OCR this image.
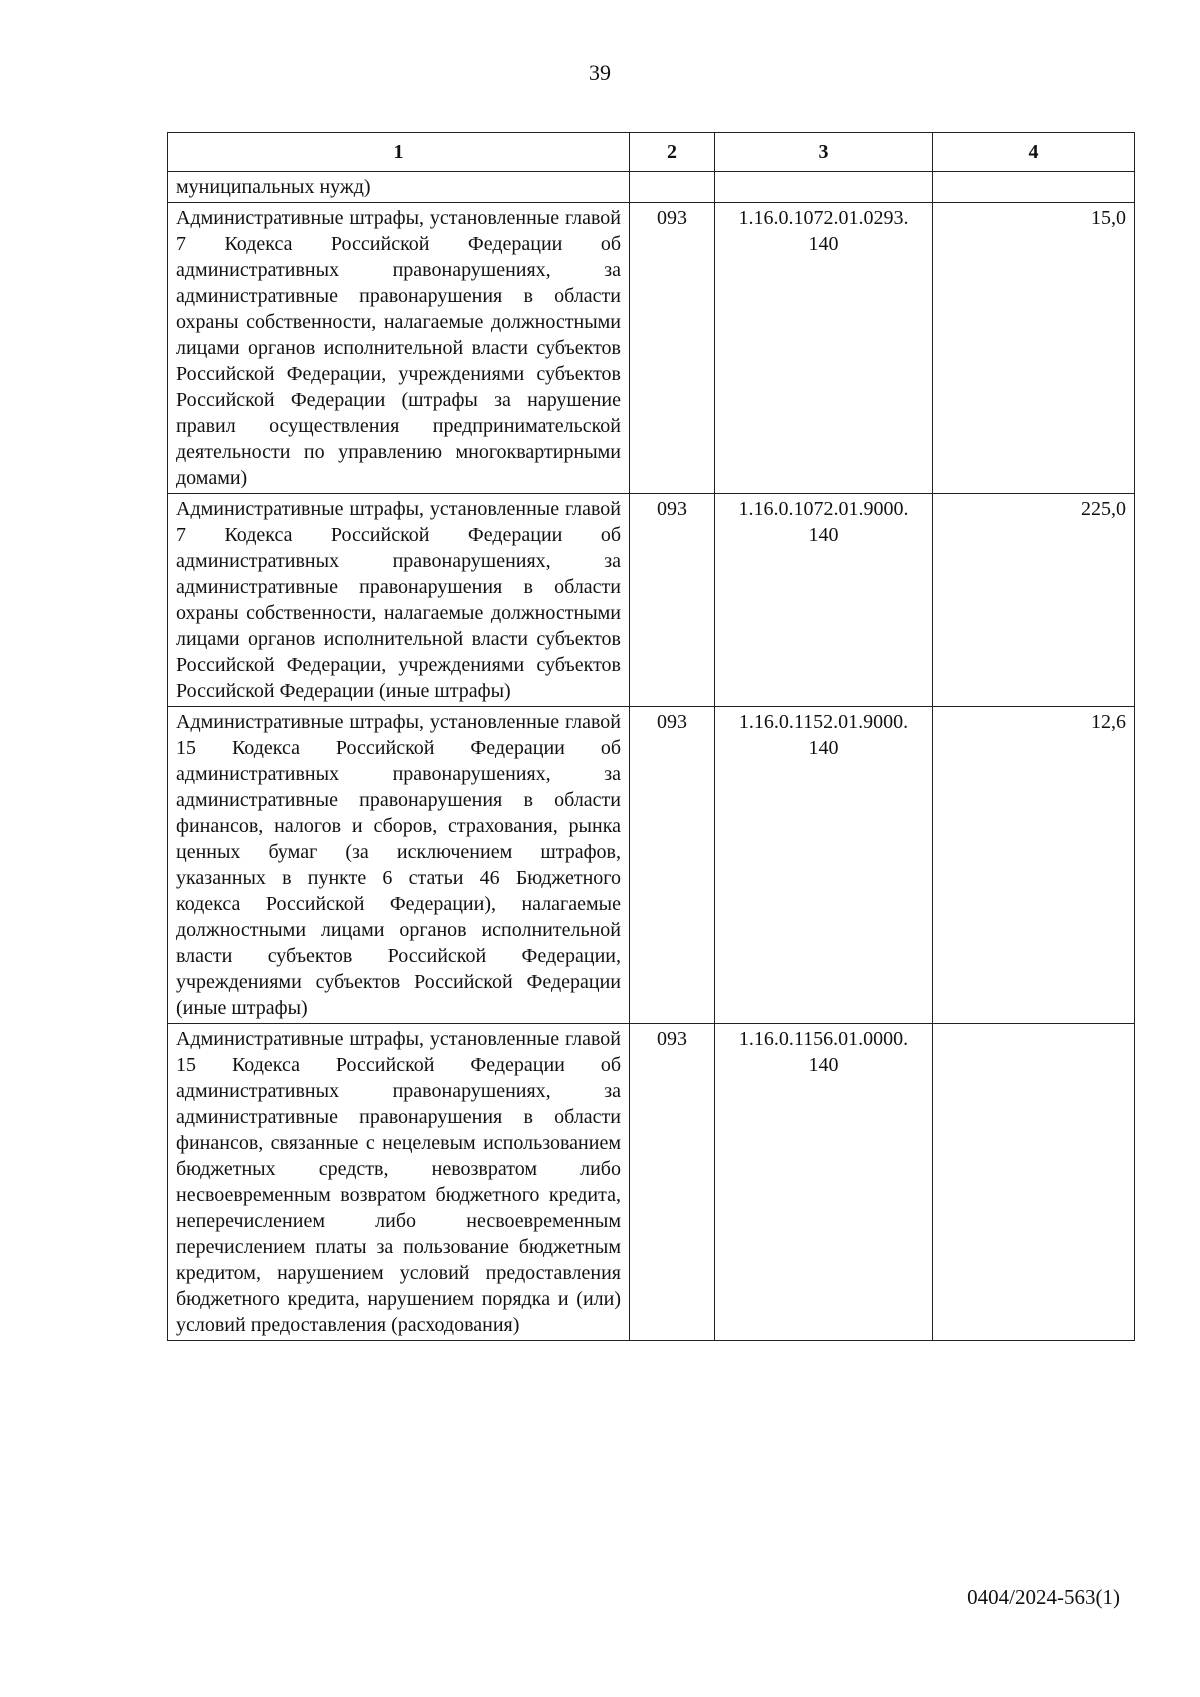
39
1	2	3	4
муниципальных нужд)			
Административные штрафы, установленные главой 7 Кодекса Российской Федерации об административных правонарушениях, за административные правонарушения в области охраны собственности, налагаемые должностными лицами органов исполнительной власти субъектов Российской Федерации, учреждениями субъектов Российской Федерации (штрафы за нарушение правил осуществления предпринимательской деятельности по управлению многоквартирными домами)	093	1.16.0.1072.01.0293. 140	15,0
Административные штрафы, установленные главой 7 Кодекса Российской Федерации об административных правонарушениях, за административные правонарушения в области охраны собственности, налагаемые должностными лицами органов исполнительной власти субъектов Российской Федерации, учреждениями субъектов Российской Федерации (иные штрафы)	093	1.16.0.1072.01.9000. 140	225,0
Административные штрафы, установленные главой 15 Кодекса Российской Федерации об административных правонарушениях, за административные правонарушения в области финансов, налогов и сборов, страхования, рынка ценных бумаг (за исключением штрафов, указанных в пункте 6 статьи 46 Бюджетного кодекса Российской Федерации), налагаемые должностными лицами органов исполнительной власти субъектов Российской Федерации, учреждениями субъектов Российской Федерации (иные штрафы)	093	1.16.0.1152.01.9000. 140	12,6
Административные штрафы, установленные главой 15 Кодекса Российской Федерации об административных правонарушениях, за административные правонарушения в области финансов, связанные с нецелевым использованием бюджетных средств, невозвратом либо несвоевременным возвратом бюджетного кредита, неперечислением либо несвоевременным перечислением платы за пользование бюджетным кредитом, нарушением условий предоставления бюджетного кредита, нарушением порядка и (или) условий предоставления (расходования)	093	1.16.0.1156.01.0000. 140	
0404/2024-563(1)
